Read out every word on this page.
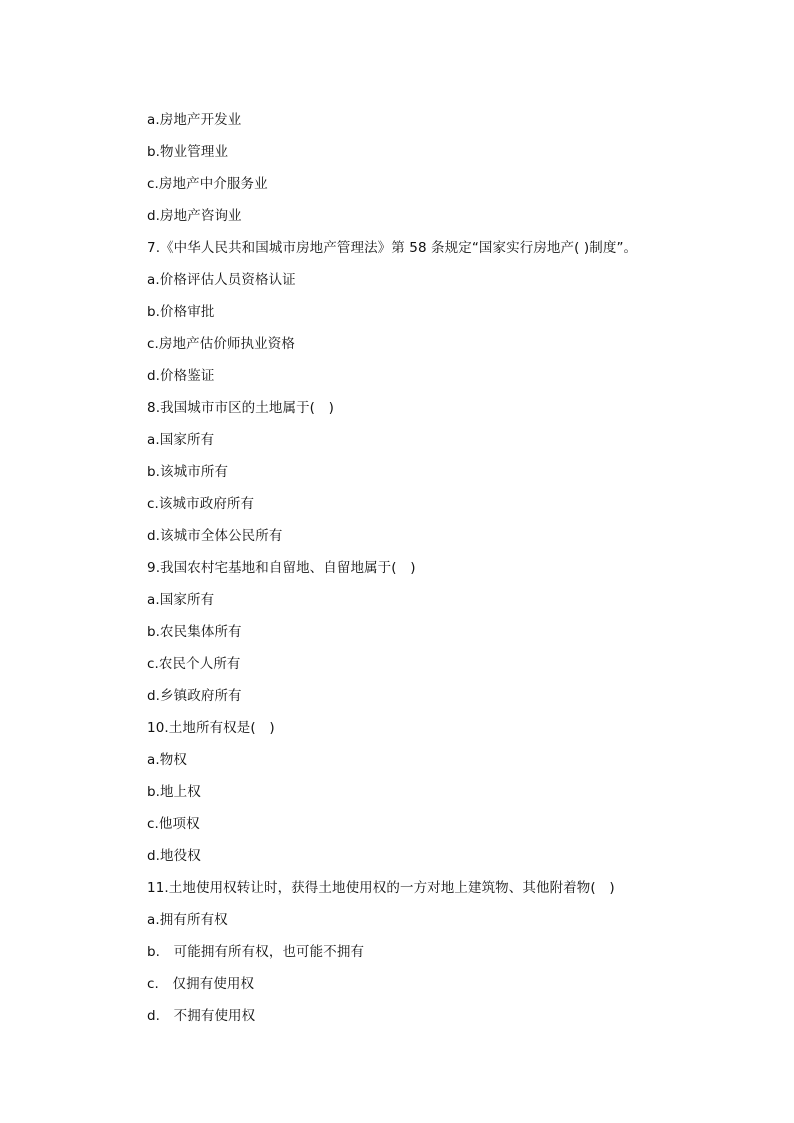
a.房地产开发业
b.物业管理业
c.房地产中介服务业
d.房地产咨询业
7.《中华人民共和国城市房地产管理法》第 58 条规定“国家实行房地产( )制度”。
a.价格评估人员资格认证
b.价格审批
c.房地产估价师执业资格
d.价格鉴证
8.我国城市市区的土地属于(　)
a.国家所有
b.该城市所有
c.该城市政府所有
d.该城市全体公民所有
9.我国农村宅基地和自留地、自留地属于(　)
a.国家所有
b.农民集体所有
c.农民个人所有
d.乡镇政府所有
10.土地所有权是(　)
a.物权
b.地上权
c.他项权
d.地役权
11.土地使用权转让时，获得土地使用权的一方对地上建筑物、其他附着物(　)
a.拥有所有权
b.　可能拥有所有权，也可能不拥有
c.　仅拥有使用权
d.　不拥有使用权
